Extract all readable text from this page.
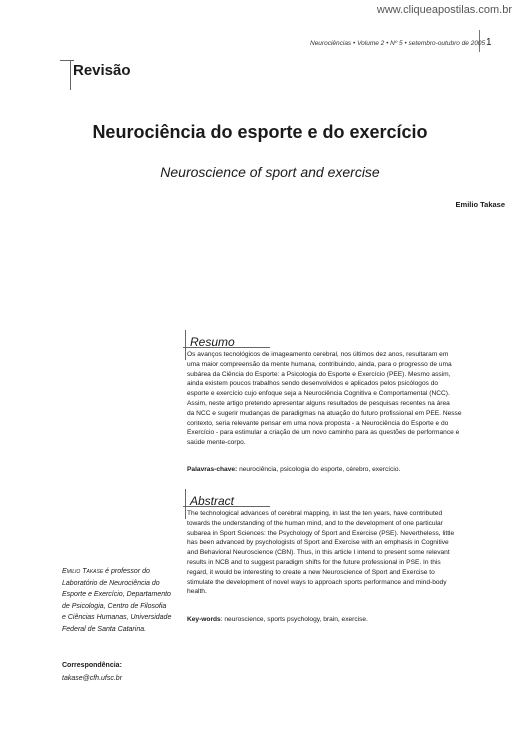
www.cliqueapostilas.com.br
Neurociências • Volume 2 • Nº 5 • setembro-outubro de 2005 1
Revisão
Neurociência do esporte e do exercício
Neuroscience of sport and exercise
Emilio Takase
Resumo
Os avanços tecnológicos de imageamento cerebral, nos últimos dez anos, resultaram em
uma maior compreensão da mente humana, contribuindo, ainda, para o progresso de uma
subárea da Ciência do Esporte: a Psicologia do Esporte e Exercício (PEE). Mesmo assim,
ainda existem poucos trabalhos sendo desenvolvidos e aplicados pelos psicólogos do
esporte e exercício cujo enfoque seja a Neurociência Cognitiva e Comportamental (NCC).
Assim, neste artigo pretendo apresentar alguns resultados de pesquisas recentes na área
da NCC e sugerir mudanças de paradigmas na atuação do futuro profissional em PEE. Nesse
contexto, seria relevante pensar em uma nova proposta - a Neurociência do Esporte e do
Exercício - para estimular a criação de um novo caminho para as questões de performance e
saúde mente-corpo.
Palavras-chave: neurociência, psicologia do esporte, cérebro, exercício.
Abstract
The technological advances of cerebral mapping, in last the ten years, have contributed
towards the understanding of the human mind, and to the development of one particular
subarea in Sport Sciences: the Psychology of Sport and Exercise (PSE). Nevertheless, little
has been advanced by psychologists of Sport and Exercise with an emphasis in Cognitive
and Behavioral Neuroscience (CBN). Thus, in this article I intend to present some relevant
results in NCB and to suggest paradigm shifts for the future professional in PSE. In this
regard, it would be interesting to create a new Neuroscience of Sport and Exercise to
stimulate the development of novel ways to approach sports performance and mind-body
health.
Key-words: neuroscience, sports psychology, brain, exercise.
Emilio Takase é professor do Laboratório de Neurociência do Esporte e Exercício, Departamento de Psicologia, Centro de Filosofia e Ciências Humanas, Universidade Federal de Santa Catarina.
Correspondência:
takase@cfh.ufsc.br
